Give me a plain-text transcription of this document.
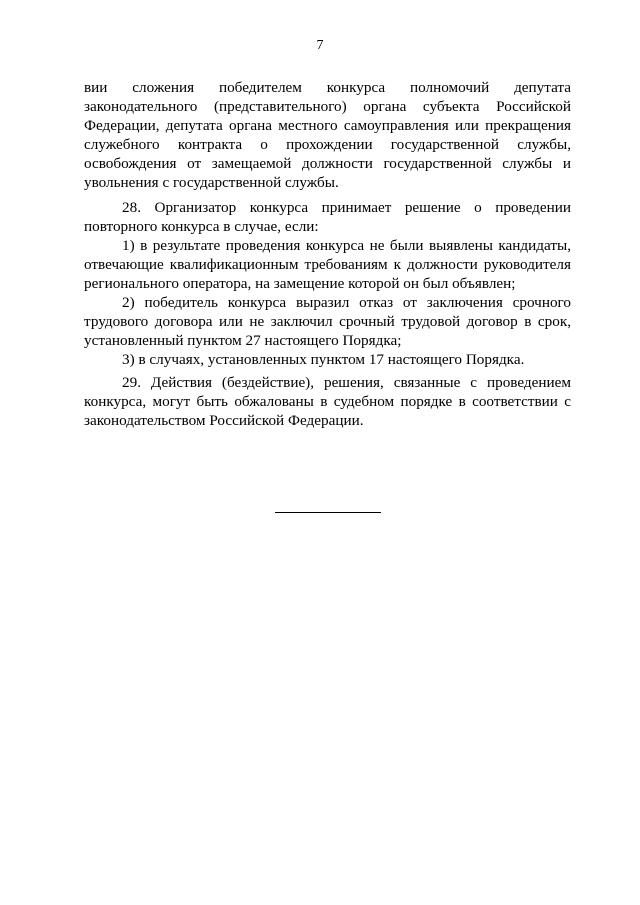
7

вии сложения победителем конкурса полномочий депутата законодательного (представительного) органа субъекта Российской Федерации, депутата органа местного самоуправления или прекращения служебного контракта о прохождении государственной службы, освобождения от замещаемой должности государственной службы и увольнения с государственной службы.

28. Организатор конкурса принимает решение о проведении повторного конкурса в случае, если:

1) в результате проведения конкурса не были выявлены кандидаты, отвечающие квалификационным требованиям к должности руководителя регионального оператора, на замещение которой он был объявлен;

2) победитель конкурса выразил отказ от заключения срочного трудового договора или не заключил срочный трудовой договор в срок, установленный пунктом 27 настоящего Порядка;

3) в случаях, установленных пунктом 17 настоящего Порядка.

29. Действия (бездействие), решения, связанные с проведением конкурса, могут быть обжалованы в судебном порядке в соответствии с законодательством Российской Федерации.
